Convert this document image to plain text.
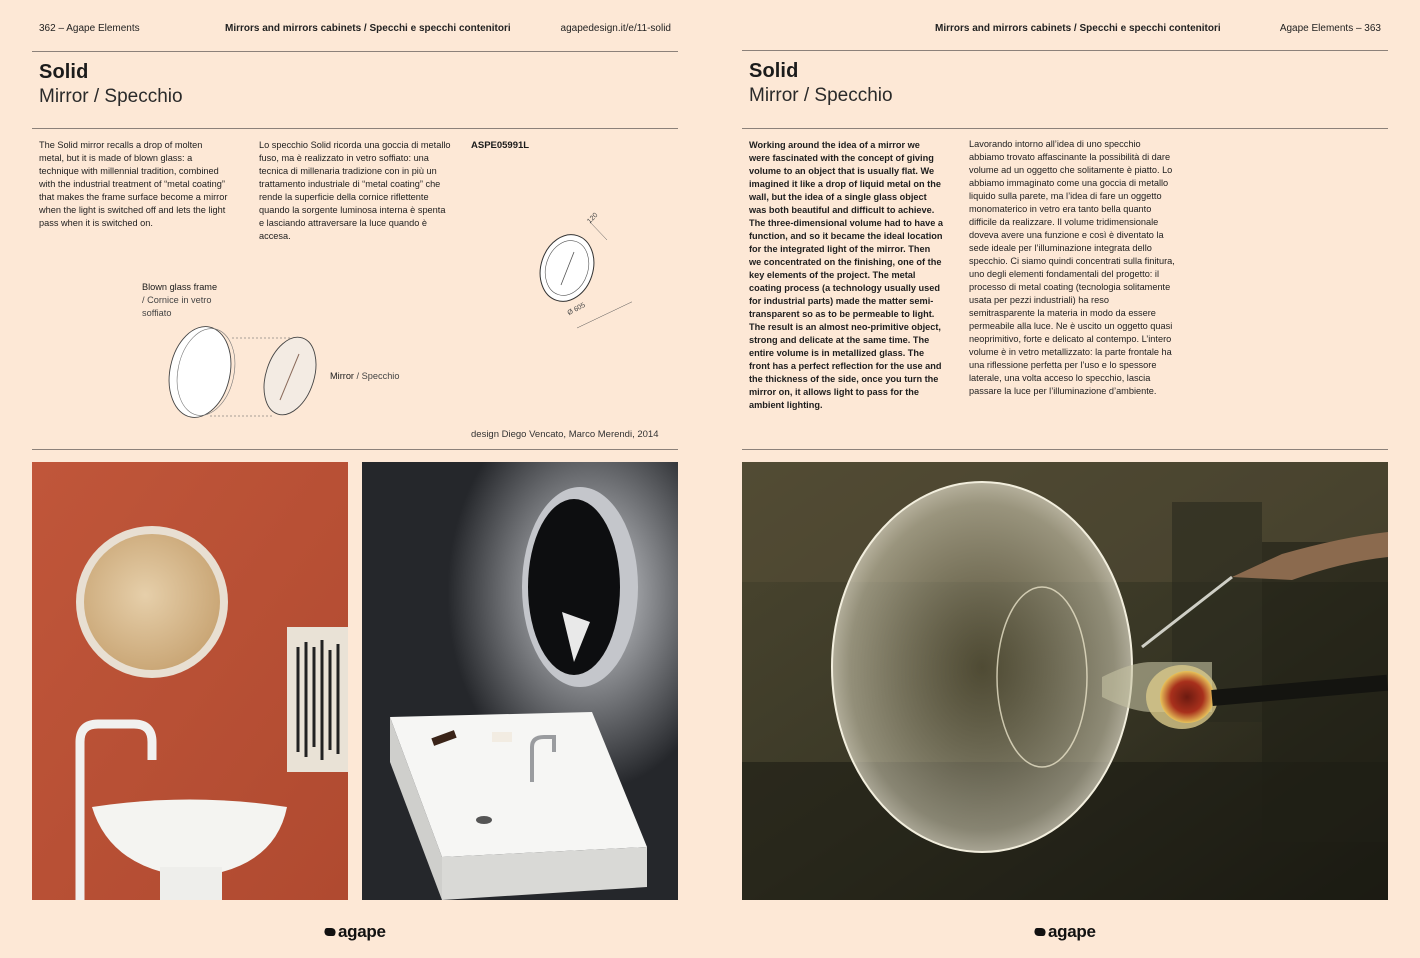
362 – Agape Elements	Mirrors and mirrors cabinets / Specchi e specchi contenitori	agapedesign.it/e/11-solid
Solid
Mirror / Specchio

The Solid mirror recalls a drop of molten metal, but it is made of blown glass: a technique with millennial tradition, combined with the industrial treatment of “metal coating” that makes the frame surface become a mirror when the light is switched off and lets the light pass when it is switched on.

Lo specchio Solid ricorda una goccia di metallo fuso, ma è realizzato in vetro soffiato: una tecnica di millenaria tradizione con in più un trattamento industriale di “metal coating” che rende la superficie della cornice riflettente quando la sorgente luminosa interna è spenta e lasciando attraversare la luce quando è accesa.

ASPE05991L
120
Ø 605
Blown glass frame / Cornice in vetro soffiato
Mirror / Specchio
design Diego Vencato, Marco Merendi, 2014
agape
Mirrors and mirrors cabinets / Specchi e specchi contenitori	Agape Elements – 363
Solid
Mirror / Specchio

Working around the idea of a mirror we were fascinated with the concept of giving volume to an object that is usually flat. We imagined it like a drop of liquid metal on the wall, but the idea of a single glass object was both beautiful and difficult to achieve. The three-dimensional volume had to have a function, and so it became the ideal location for the integrated light of the mirror. Then we concentrated on the finishing, one of the key elements of the project. The metal coating process (a technology usually used for industrial parts) made the matter semi-transparent so as to be permeable to light. The result is an almost neo-primitive object, strong and delicate at the same time. The entire volume is in metallized glass. The front has a perfect reflection for the use and the thickness of the side, once you turn the mirror on, it allows light to pass for the ambient lighting.

Lavorando intorno all’idea di uno specchio abbiamo trovato affascinante la possibilità di dare volume ad un oggetto che solitamente è piatto. Lo abbiamo immaginato come una goccia di metallo liquido sulla parete, ma l’idea di fare un oggetto monomaterico in vetro era tanto bella quanto difficile da realizzare. Il volume tridimensionale doveva avere una funzione e così è diventato la sede ideale per l’illuminazione integrata dello specchio. Ci siamo quindi concentrati sulla finitura, uno degli elementi fondamentali del progetto: il processo di metal coating (tecnologia solitamente usata per pezzi industriali) ha reso semitrasparente la materia in modo da essere permeabile alla luce. Ne è uscito un oggetto quasi neoprimitivo, forte e delicato al contempo. L’intero volume è in vetro metallizzato: la parte frontale ha una riflessione perfetta per l’uso e lo spessore laterale, una volta acceso lo specchio, lascia passare la luce per l’illuminazione d’ambiente.

agape
